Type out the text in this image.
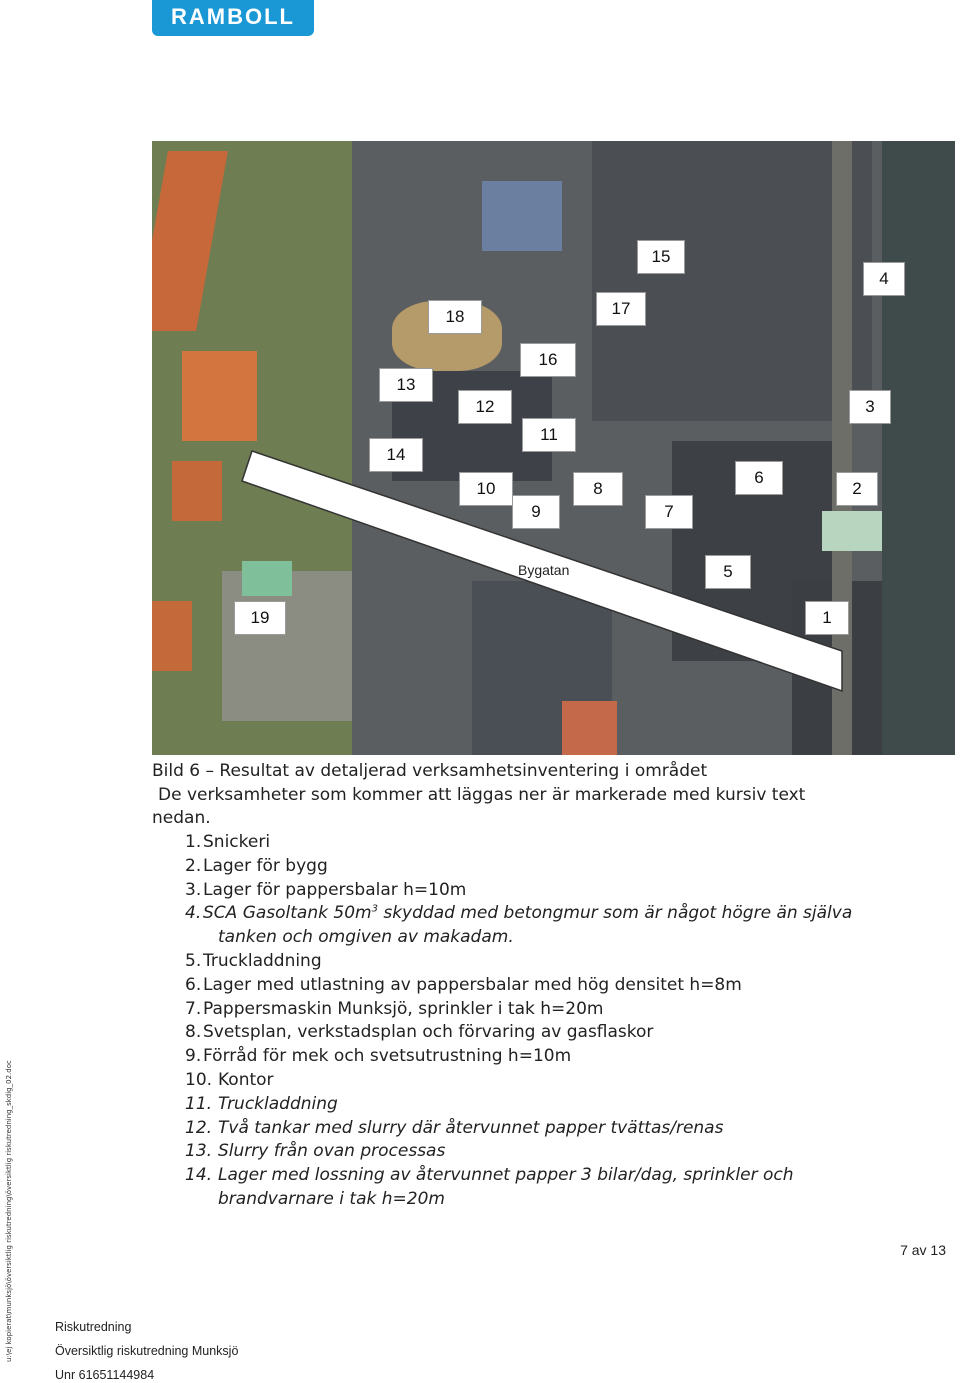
RAMBOLL
Bygatan
15
4
17
18
16
13
12	3
11
14
6
10	8	2
9	7
5
19	1

Bild 6 – Resultat av detaljerad verksamhetsinventering i området

De verksamheter som kommer att läggas ner är markerade med kursiv text

nedan.

1. Snickeri
2. Lager för bygg
3. Lager för pappersbalar h=10m
4. SCA Gasoltank $50m^3$ skyddad med betongmur som är något högre än själva
tanken och omgiven av makadam.
5. Truckladdning
6. Lager med utlastning av pappersbalar med hög densitet h=8m
7. Pappersmaskin Munksjö, sprinkler i tak h=20m
8. Svetsplan, verkstadsplan och förvaring av gasflaskor
9. Förråd för mek och svetsutrustning h=10m
10. Kontor
11. Truckladdning
12. Två tankar med slurry där återvunnet papper tvättas/renas
13. Slurry från ovan processas
14. Lager med lossning av återvunnet papper 3 bilar/dag, sprinkler och
brandvarnare i tak h=20m
7 av 13
u:\ej kopierat\munksjö\översiktlig riskutredning\översiktlig riskutredning_skdig_02.doc	Riskutredning
Översiktlig riskutredning Munksjö
Unr 61651144984
